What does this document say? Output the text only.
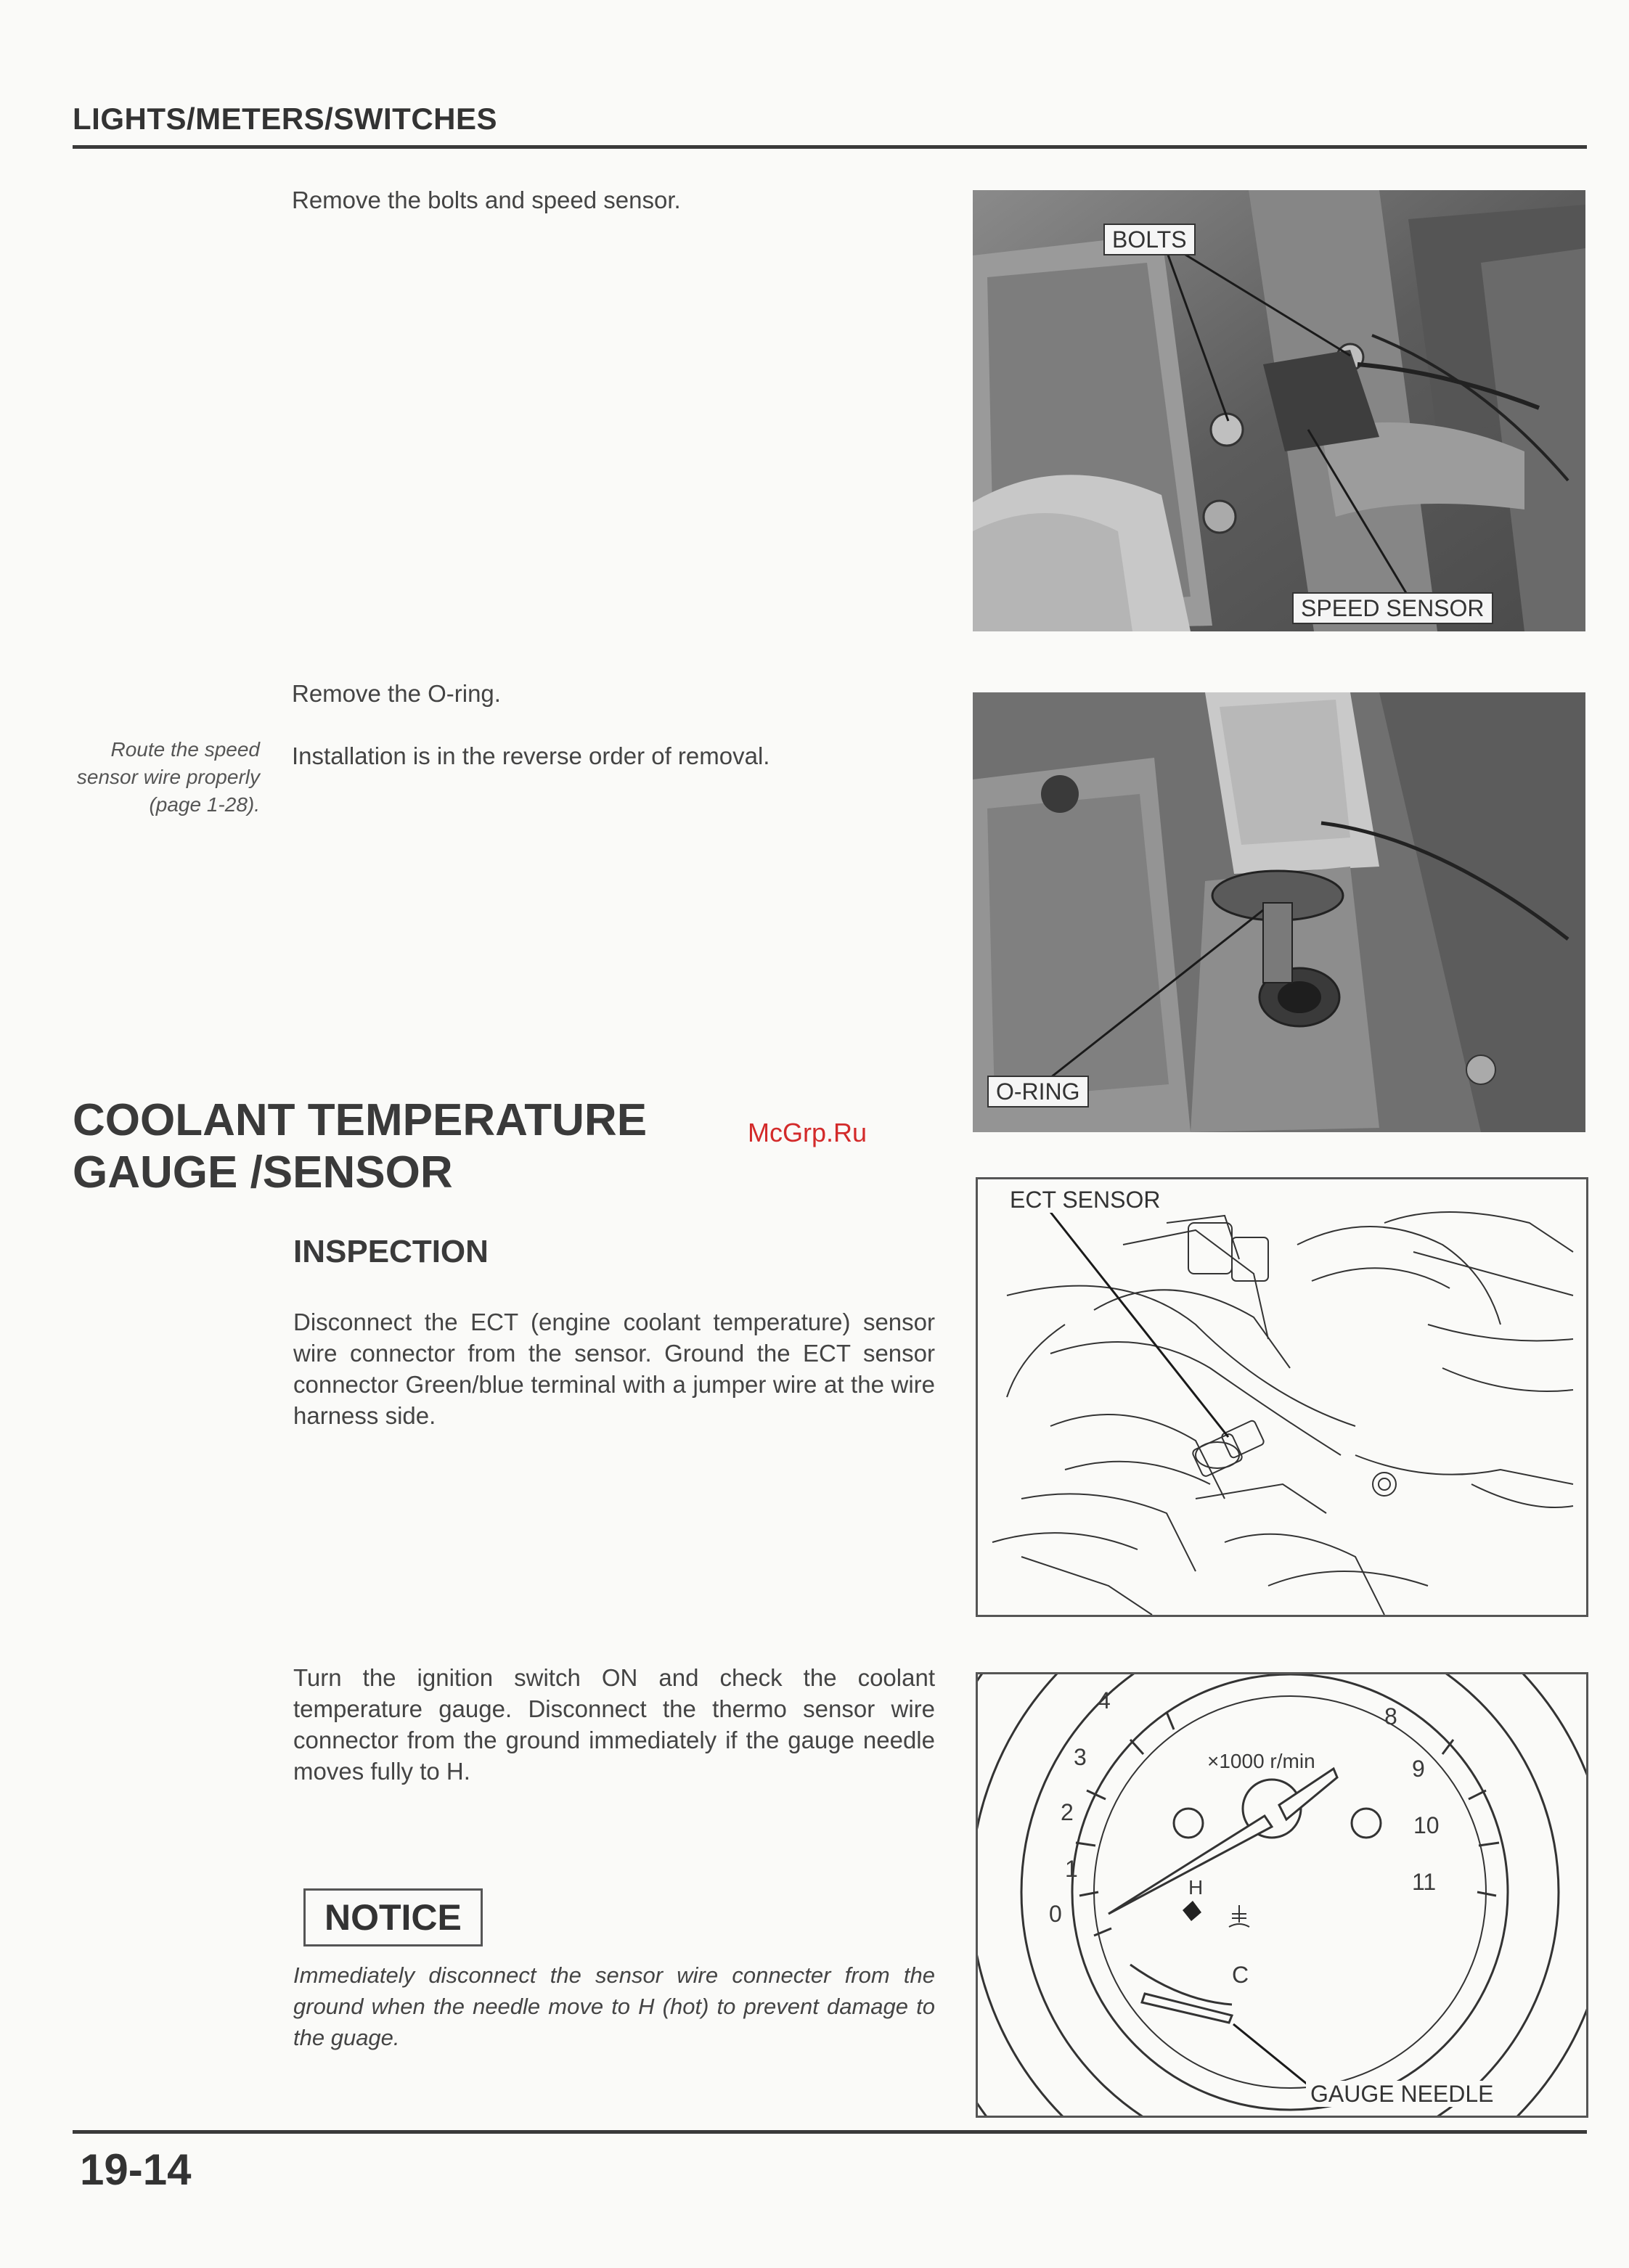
LIGHTS/METERS/SWITCHES
Remove the bolts and speed sensor.
Remove the O-ring.
Installation is in the reverse order of removal.
Route the speed sensor wire properly (page 1-28).
BOLTS
SPEED SENSOR
O-RING
COOLANT TEMPERATURE
GAUGE /SENSOR
McGrp.Ru
INSPECTION
Disconnect the ECT (engine coolant temperature) sensor wire connector from the sensor. Ground the ECT sensor connector Green/blue terminal with a jumper wire at the wire harness side.
ECT SENSOR
Turn the ignition switch ON and check the coolant temperature gauge. Disconnect the thermo sensor wire connector from the ground immediately if the gauge needle moves fully to H.
NOTICE
Immediately disconnect the sensor wire connecter from the ground when the needle move to H (hot) to prevent damage to the guage.
0
1
2
3
4
8
9
10
11
×1000 r/min
H
C
GAUGE NEEDLE
19-14
